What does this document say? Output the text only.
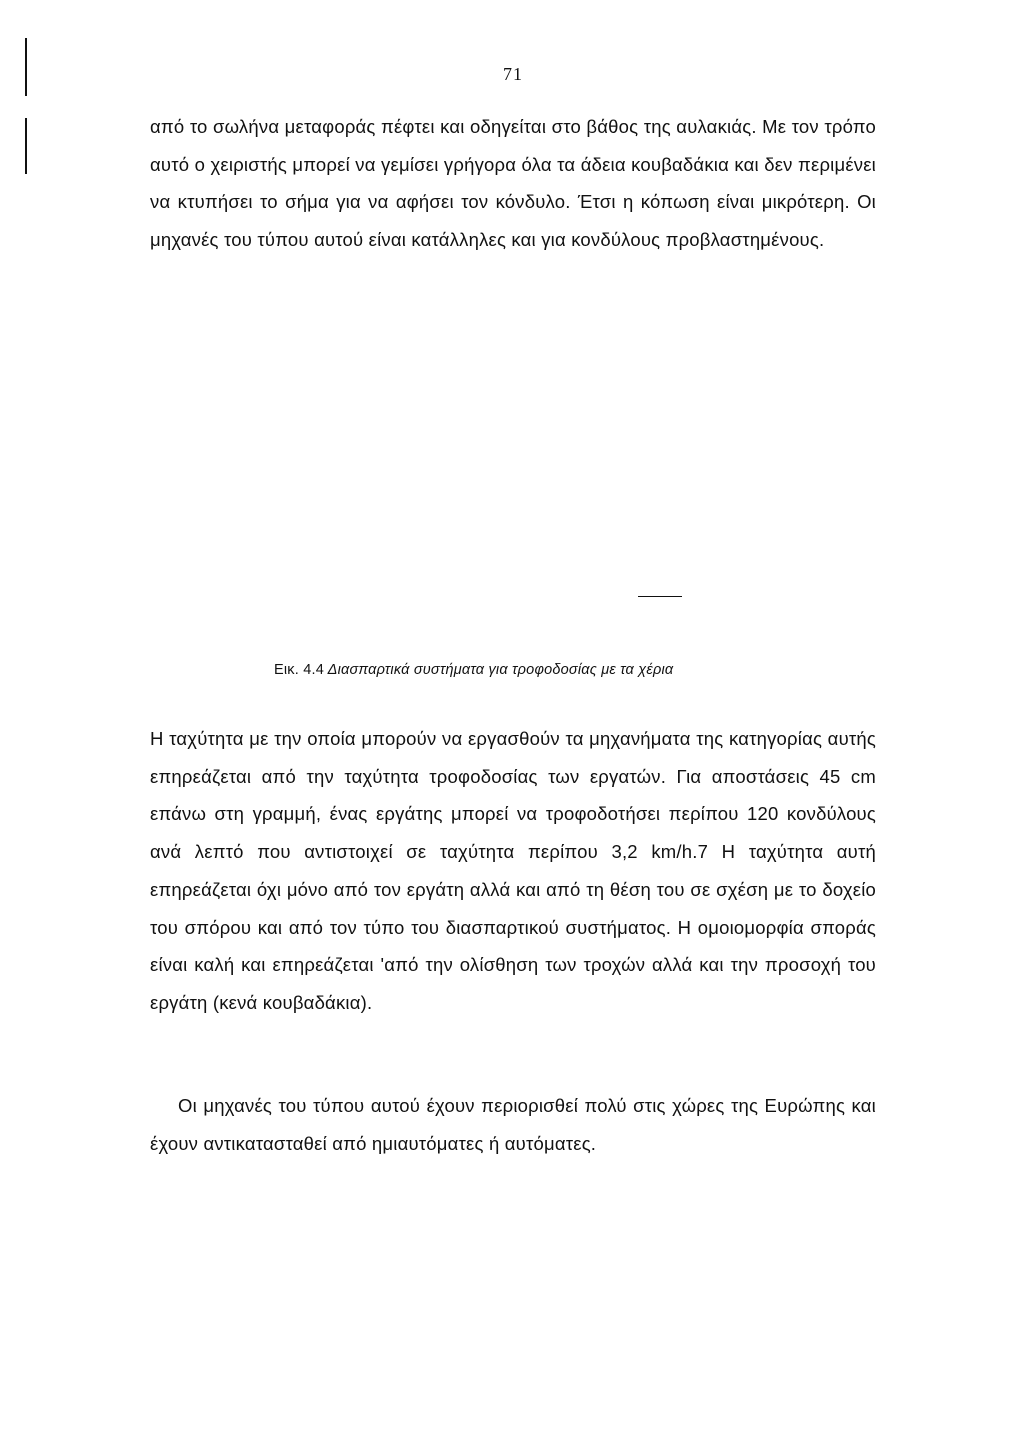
71

από το σωλήνα μεταφοράς πέφτει και οδηγείται στο βάθος της αυλακιάς. Με τον τρόπο αυτό ο χειριστής μπορεί να γεμίσει γρήγορα όλα τα άδεια κουβαδάκια και δεν περιμένει να κτυπήσει το σήμα για να αφήσει τον κόνδυλο. Έτσι η κόπωση είναι μικρότερη. Οι μηχανές του τύπου αυτού είναι κατάλληλες και για κονδύλους προβλαστημένους.

Εικ. 4.4 Διασπαρτικά συστήματα για τροφοδοσίας με τα χέρια

Η ταχύτητα με την οποία μπορούν να εργασθούν τα μηχανήματα της κατηγορίας αυτής επηρεάζεται από την ταχύτητα τροφοδοσίας των εργατών. Για αποστάσεις 45 cm επάνω στη γραμμή, ένας εργάτης μπορεί να τροφοδοτήσει περίπου 120 κονδύλους ανά λεπτό που αντιστοιχεί σε ταχύτητα περίπου 3,2 km/h.7 Η ταχύτητα αυτή επηρεάζεται όχι μόνο από τον εργάτη αλλά και από τη θέση του σε σχέση με το δοχείο του σπόρου και από τον τύπο του διασπαρτικού συστήματος. Η ομοιομορφία σποράς είναι καλή και επηρεάζεται 'από την ολίσθηση των τροχών αλλά και την προσοχή του εργάτη (κενά κουβαδάκια).

Οι μηχανές του τύπου αυτού έχουν περιορισθεί πολύ στις χώρες της Ευρώπης και έχουν αντικατασταθεί από ημιαυτόματες ή αυτόματες.
